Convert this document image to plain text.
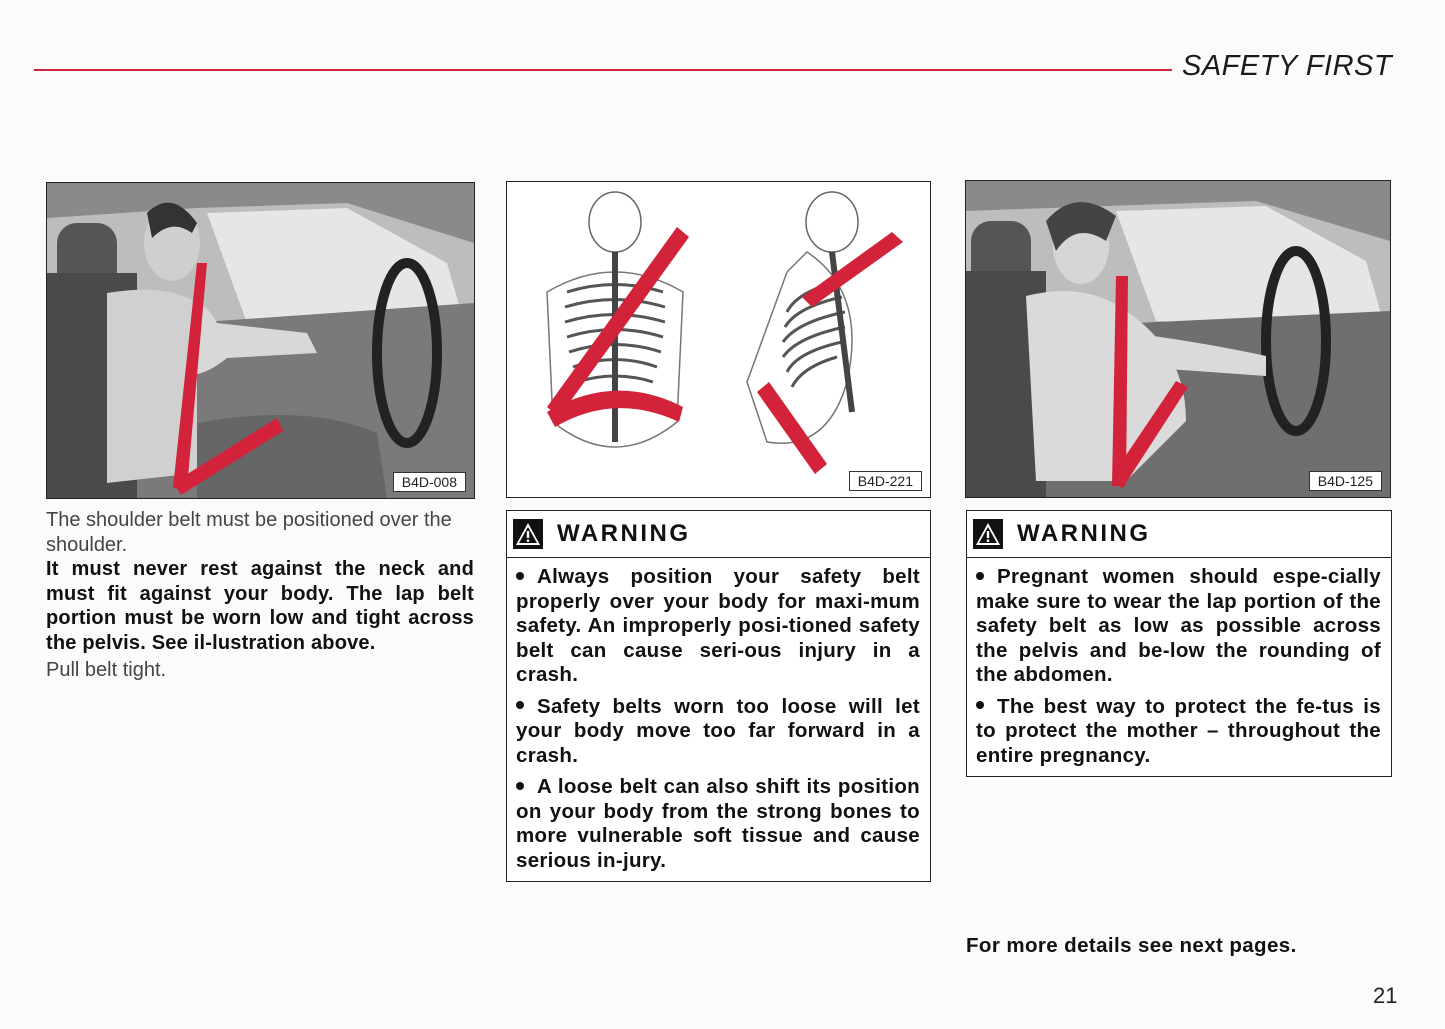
SAFETY FIRST
B4D-008	B4D-221	B4D-125

The shoulder belt must be positioned over the shoulder.

It must never rest against the neck and must fit against your body. The lap belt portion must be worn low and tight across the pelvis. See il-lustration above.

Pull belt tight.

WARNING

Always position your safety belt properly over your body for maxi-mum safety. An improperly posi-tioned safety belt can cause seri-ous injury in a crash.

Safety belts worn too loose will let your body move too far forward in a crash.

A loose belt can also shift its position on your body from the strong bones to more vulnerable soft tissue and cause serious in-jury.

WARNING

Pregnant women should espe-cially make sure to wear the lap portion of the safety belt as low as possible across the pelvis and be-low the rounding of the abdomen.

The best way to protect the fe-tus is to protect the mother – throughout the entire pregnancy.

For more details see next pages.
21
